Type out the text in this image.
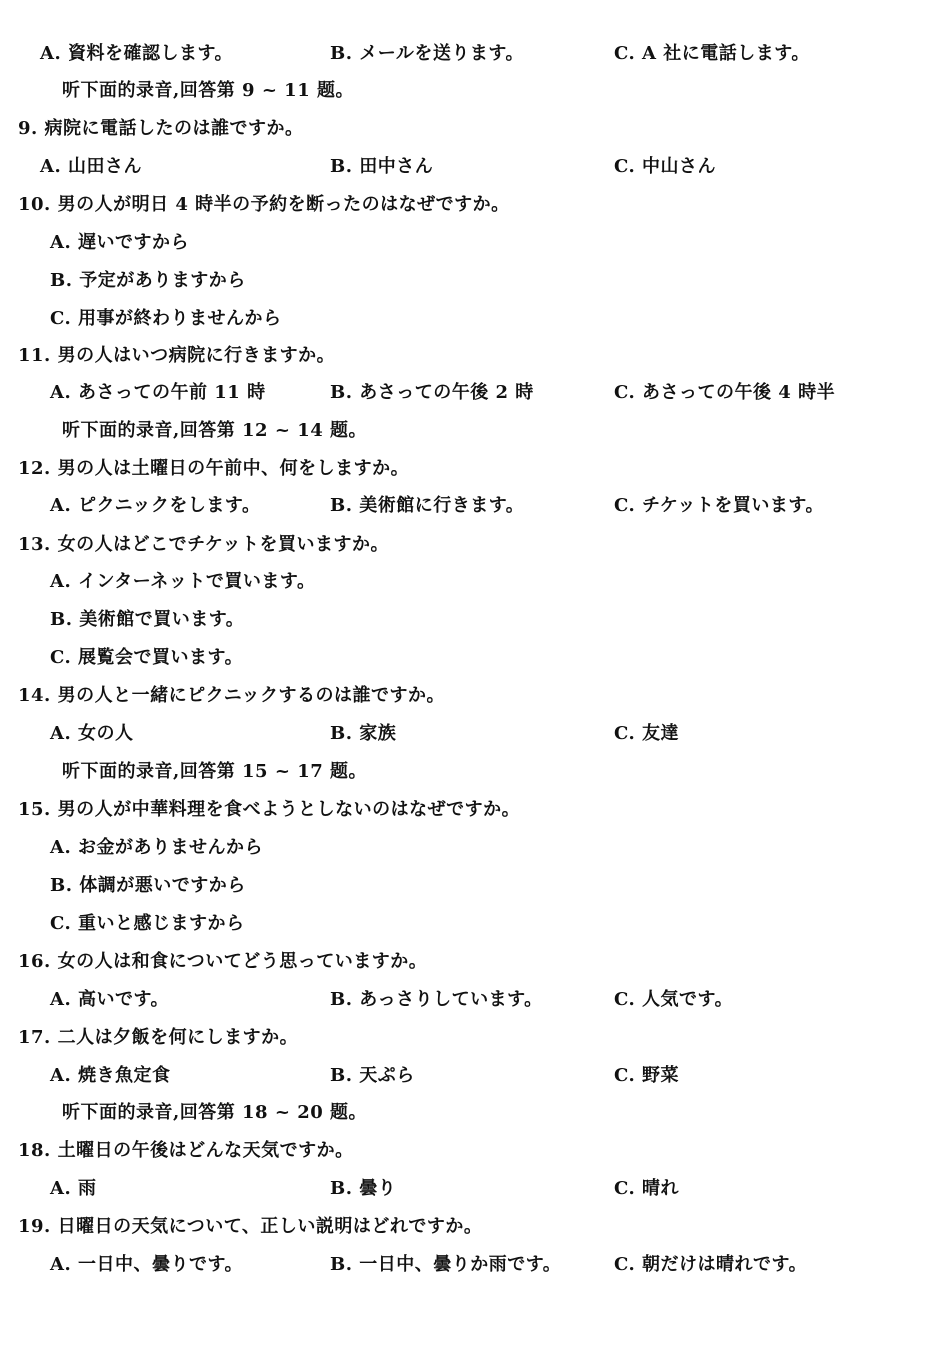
A. 資料を確認します。	B. メールを送ります。	C. A 社に電話します。
听下面的录音,回答第 9 ~ 11 题。
9. 病院に電話したのは誰ですか。
A. 山田さん	B. 田中さん	C. 中山さん
10. 男の人が明日 4 時半の予約を断ったのはなぜですか。
A. 遅いですから
B. 予定がありますから
C. 用事が終わりませんから
11. 男の人はいつ病院に行きますか。
A. あさっての午前 11 時	B. あさっての午後 2 時	C. あさっての午後 4 時半
听下面的录音,回答第 12 ~ 14 题。
12. 男の人は土曜日の午前中、何をしますか。
A. ピクニックをします。	B. 美術館に行きます。	C. チケットを買います。
13. 女の人はどこでチケットを買いますか。
A. インターネットで買います。
B. 美術館で買います。
C. 展覧会で買います。
14. 男の人と一緒にピクニックするのは誰ですか。
A. 女の人	B. 家族	C. 友達
听下面的录音,回答第 15 ~ 17 题。
15. 男の人が中華料理を食べようとしないのはなぜですか。
A. お金がありませんから
B. 体調が悪いですから
C. 重いと感じますから
16. 女の人は和食についてどう思っていますか。
A. 高いです。	B. あっさりしています。	C. 人気です。
17. 二人は夕飯を何にしますか。
A. 焼き魚定食	B. 天ぷら	C. 野菜
听下面的录音,回答第 18 ~ 20 题。
18. 土曜日の午後はどんな天気ですか。
A. 雨	B. 曇り	C. 晴れ
19. 日曜日の天気について、正しい説明はどれですか。
A. 一日中、曇りです。	B. 一日中、曇りか雨です。	C. 朝だけは晴れです。
